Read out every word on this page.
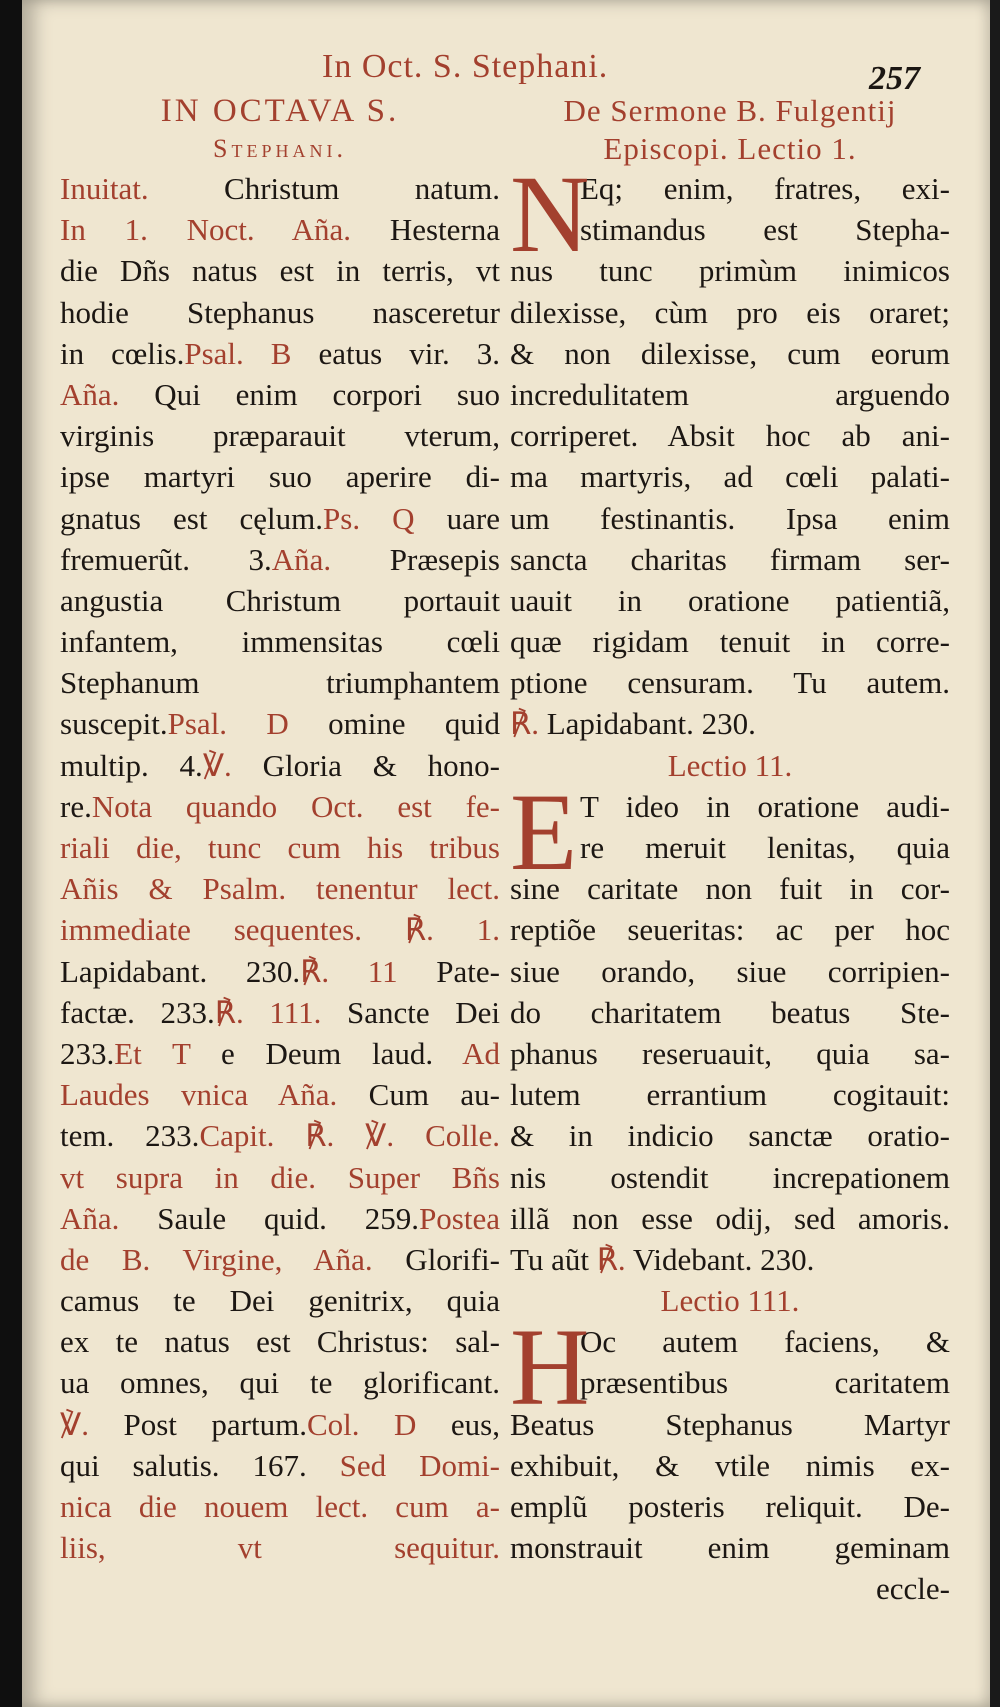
In Oct. S. Stephani.	257
IN OCTAVA S.
Stephani.
Inuitat. Christum natum.
In 1. Noct. Aña. Hesterna
die Dñs natus est in terris, vt
hodie Stephanus nasceretur
in cœlis.Psal. B eatus vir. 3.
Aña. Qui enim corpori suo
virginis præparauit vterum,
ipse martyri suo aperire di-
gnatus est cęlum.Ps. Q uare
fremuerũt. 3.Aña. Præsepis
angustia Christum portauit
infantem, immensitas cœli
Stephanum triumphantem
suscepit.Psal. D omine quid
multip. 4.℣. Gloria & hono-
re.Nota quando Oct. est fe-
riali die, tunc cum his tribus
Añis & Psalm. tenentur lect.
immediate sequentes. ℟. 1.
Lapidabant. 230.℟. 11 Pate-
factæ. 233.℟. 111. Sancte Dei
233.Et T e Deum laud. Ad
Laudes vnica Aña. Cum au-
tem. 233.Capit. ℟. ℣. Colle.
vt supra in die. Super Bñs
Aña. Saule quid. 259.Postea
de B. Virgine, Aña. Glorifi-
camus te Dei genitrix, quia
ex te natus est Christus: sal-
ua omnes, qui te glorificant.
℣. Post partum.Col. D eus,
qui salutis. 167. Sed Domi-
nica die nouem lect. cum a-
liis, vt sequitur.
De Sermone B. Fulgentij
Episcopi. Lectio 1.
N
Eq; enim, fratres, exi-
stimandus est Stepha-
nus tunc primùm inimicos
dilexisse, cùm pro eis oraret;
& non dilexisse, cum eorum
incredulitatem arguendo
corriperet. Absit hoc ab ani-
ma martyris, ad cœli palati-
um festinantis. Ipsa enim
sancta charitas firmam ser-
uauit in oratione patientiã,
quæ rigidam tenuit in corre-
ptione censuram. Tu autem.
℟. Lapidabant. 230.
Lectio 11.
E T ideo in oratione audi-
re meruit lenitas, quia
sine caritate non fuit in cor-
reptiõe seueritas: ac per hoc
siue orando, siue corripien-
do charitatem beatus Ste-
phanus reseruauit, quia sa-
lutem errantium cogitauit:
& in indicio sanctæ oratio-
nis ostendit increpationem
illã non esse odij, sed amoris.
Tu aũt ℟. Videbant. 230.
Lectio 111.
H
Oc autem faciens, &
præsentibus caritatem
Beatus Stephanus Martyr
exhibuit, & vtile nimis ex-
emplũ posteris reliquit. De-
monstrauit enim geminam
eccle-
